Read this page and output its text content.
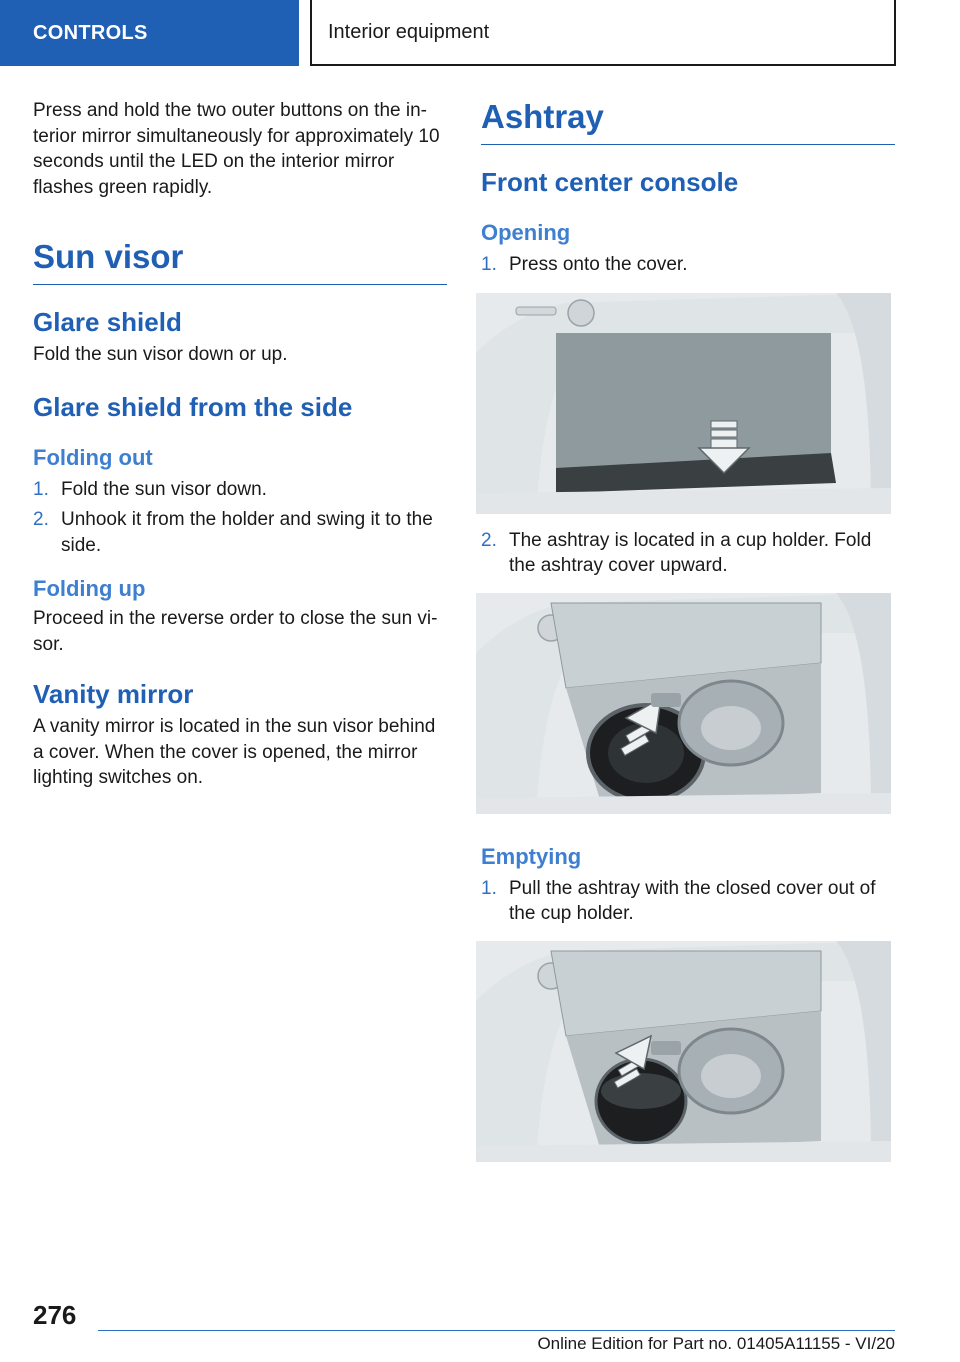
CONTROLS	Interior equipment

Press and hold the two outer buttons on the in-terior mirror simultaneously for approximately 10 seconds until the LED on the interior mirror flashes green rapidly.

Sun visor
Glare shield

Fold the sun visor down or up.

Glare shield from the side
Folding out
1. Fold the sun visor down.
2. Unhook it from the holder and swing it to the side.
Folding up

Proceed in the reverse order to close the sun vi-sor.

Vanity mirror

A vanity mirror is located in the sun visor behind a cover. When the cover is opened, the mirror lighting switches on.

Ashtray
Front center console
Opening
1. Press onto the cover.
2. The ashtray is located in a cup holder. Fold the ashtray cover upward.
Emptying
1. Pull the ashtray with the closed cover out of the cup holder.
276
Online Edition for Part no. 01405A11155 - VI/20
